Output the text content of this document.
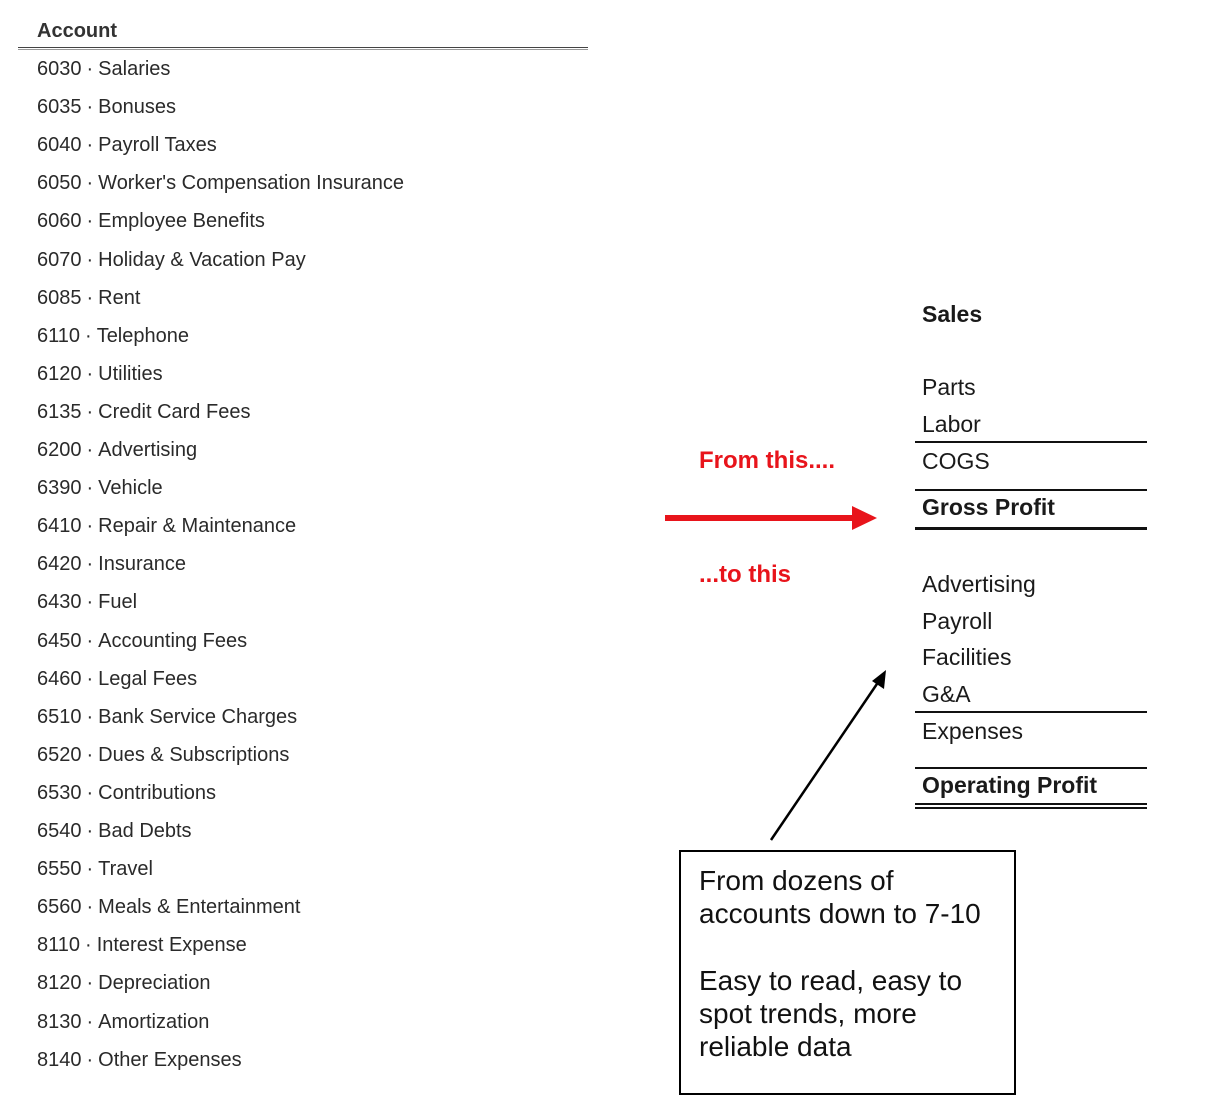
Account
6030 · Salaries
6035 · Bonuses
6040 · Payroll Taxes
6050 · Worker's Compensation Insurance
6060 · Employee Benefits
6070 · Holiday & Vacation Pay
6085 · Rent
6110 · Telephone
6120 · Utilities
6135 · Credit Card Fees
6200 · Advertising
6390 · Vehicle
6410 · Repair & Maintenance
6420 · Insurance
6430 · Fuel
6450 · Accounting Fees
6460 · Legal Fees
6510 · Bank Service Charges
6520 · Dues & Subscriptions
6530 · Contributions
6540 · Bad Debts
6550 · Travel
6560 · Meals & Entertainment
8110 · Interest Expense
8120 · Depreciation
8130 · Amortization
8140 · Other Expenses
From this....
...to this
Sales
Parts
Labor
COGS
Gross Profit
Advertising
Payroll
Facilities
G&A
Expenses
Operating Profit

From dozens of accounts down to 7-10

Easy to read, easy to spot trends, more reliable data
